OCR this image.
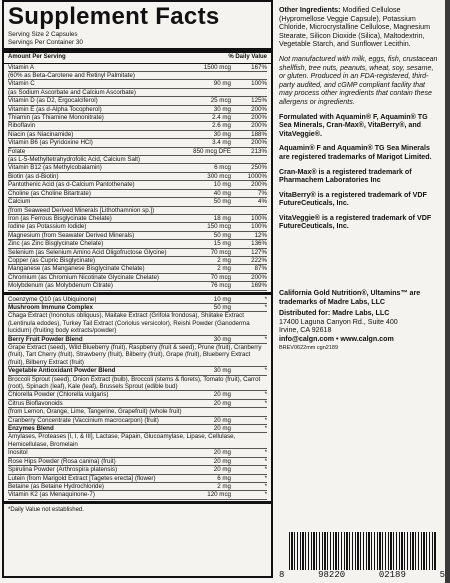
Supplement Facts
Serving Size 2 Capsules
Servings Per Container 30
Amount Per Serving	% Daily Value
Vitamin A	1500 mcg	167%
(60% as Beta-Carotene and Retinyl Palmitate)
Vitamin C	90 mg	100%
(as Sodium Ascorbate and Calcium Ascorbate)
Vitamin D (as D2, Ergocalciferol)	25 mcg	125%
Vitamin E (as d-Alpha Tocopherol)	30 mg	200%
Thiamin (as Thiamine Mononitrate)	2.4 mg	200%
Riboflavin	2.6 mg	200%
Niacin (as Niacinamide)	30 mg	188%
Vitamin B6 (as Pyridoxine HCl)	3.4 mg	200%
Folate	850 mcg DFE	213%
(as L-5-Methyltetrahydrofolic Acid, Calcium Salt)
Vitamin B12 (as Methylcobalamin)	6 mcg	250%
Biotin (as d-Biotin)	300 mcg	1000%
Pantothenic Acid (as d-Calcium Pantothenate)	10 mg	200%
Choline (as Choline Bitartrate)	40 mg	7%
Calcium	50 mg	4%
(from Seaweed Derived Minerals [Lithothamnion sp.])
Iron (as Ferrous Bisglycinate Chelate)	18 mg	100%
Iodine (as Potassium Iodide)	150 mcg	100%
Magnesium (from Seawater Derived Minerals)	50 mg	12%
Zinc (as Zinc Bisglycinate Chelate)	15 mg	136%
Selenium (as Selenium Amino Acid Oligofructose Glycine)	70 mcg	127%
Copper (as Cupric Bisglycinate)	2 mg	222%
Manganese (as Manganese Bisglycinate Chelate)	2 mg	87%
Chromium (as Chromium Nicotinate Glycinate Chelate)	70 mcg	200%
Molybdenum (as Molybdenum Citrate)	76 mcg	169%
Coenzyme Q10 (as Ubiquinone)	10 mg	*
Mushroom Immune Complex	50 mg	*
Chaga Extract (Inonotus obliquus), Maitake Extract (Grifola frondosa), Shiitake Extract (Lentinula edodes), Turkey Tail Extract (Coriolus versicolor), Reishi Powder (Ganoderma lucidum) (fruiting body extracts/powder)
Berry Fruit Powder Blend	30 mg	*
Grape Extract (seed), Wild Blueberry (fruit), Raspberry (fruit & seed), Prune (fruit), Cranberry (fruit), Tart Cherry (fruit), Strawberry (fruit), Bilberry (fruit), Grape (fruit), Blueberry Extract (fruit), Bilberry Extract (fruit)
Vegetable Antioxidant Powder Blend	30 mg	*
Broccoli Sprout (seed), Onion Extract (bulb), Broccoli (stems & florets), Tomato (fruit), Carrot (root), Spinach (leaf), Kale (leaf), Brussels Sprout (edible bud)
Chlorella Powder (Chlorella vulgaris)	20 mg	*
Citrus Bioflavonoids	20 mg	*
(from Lemon, Orange, Lime, Tangerine, Grapefruit) (whole fruit)
Cranberry Concentrate (Vaccinium macrocarpon) (fruit)	20 mg	*
Enzymes Blend	20 mg	*
Amylases, Proteases [I, I, & III], Lactase, Papain, Glucoamylase, Lipase, Cellulase, Hemicellulase, Bromelain
Inositol	20 mg	*
Rose Hips Powder (Rosa canina) (fruit)	20 mg	*
Spirulina Powder (Arthrospira platensis)	20 mg	*
Lutein (from Marigold Extract [Tagetes erecta] (flower)	6 mg	*
Betaine (as Betaine Hydrochloride)	2 mg	*
Vitamin K2 (as Menaquinone-7)	120 mcg	*
*Daily Value not established.

Other Ingredients: Modified Cellulose (Hypromellose Veggie Capsule), Potassium Chloride, Microcrystalline Cellulose, Magnesium Stearate, Silicon Dioxide (Silica), Maltodextrin, Vegetable Starch, and Sunflower Lecithin.

Not manufactured with milk, eggs, fish, crustacean shellfish, tree nuts, peanuts, wheat, soy, sesame, or gluten. Produced in an FDA-registered, third-party audited, and cGMP compliant facility that may process other ingredients that contain these allergens or ingredients.

Formulated with Aquamin® F, Aquamin® TG Sea Minerals, Cran-Max®, VitaBerry®, and VitaVeggie®.

Aquamin® F and Aquamin® TG Sea Minerals are registered trademarks of Marigot Limited.

Cran-Max® is a registered trademark of Pharmachem Laboratories Inc

VitaBerry® is a registered trademark of VDF FutureCeuticals, Inc.

VitaVeggie® is a registered trademark of VDF FutureCeuticals, Inc.

California Gold Nutrition®, Ultamins™ are trademarks of Madre Labs, LLC

Distributed for: Madre Labs, LLC
17400 Laguna Canyon Rd., Suite 400
Irvine, CA 92618
info@calgn.com • www.calgn.com
BREV0622mm cgn2189
8	98220	02189	5
